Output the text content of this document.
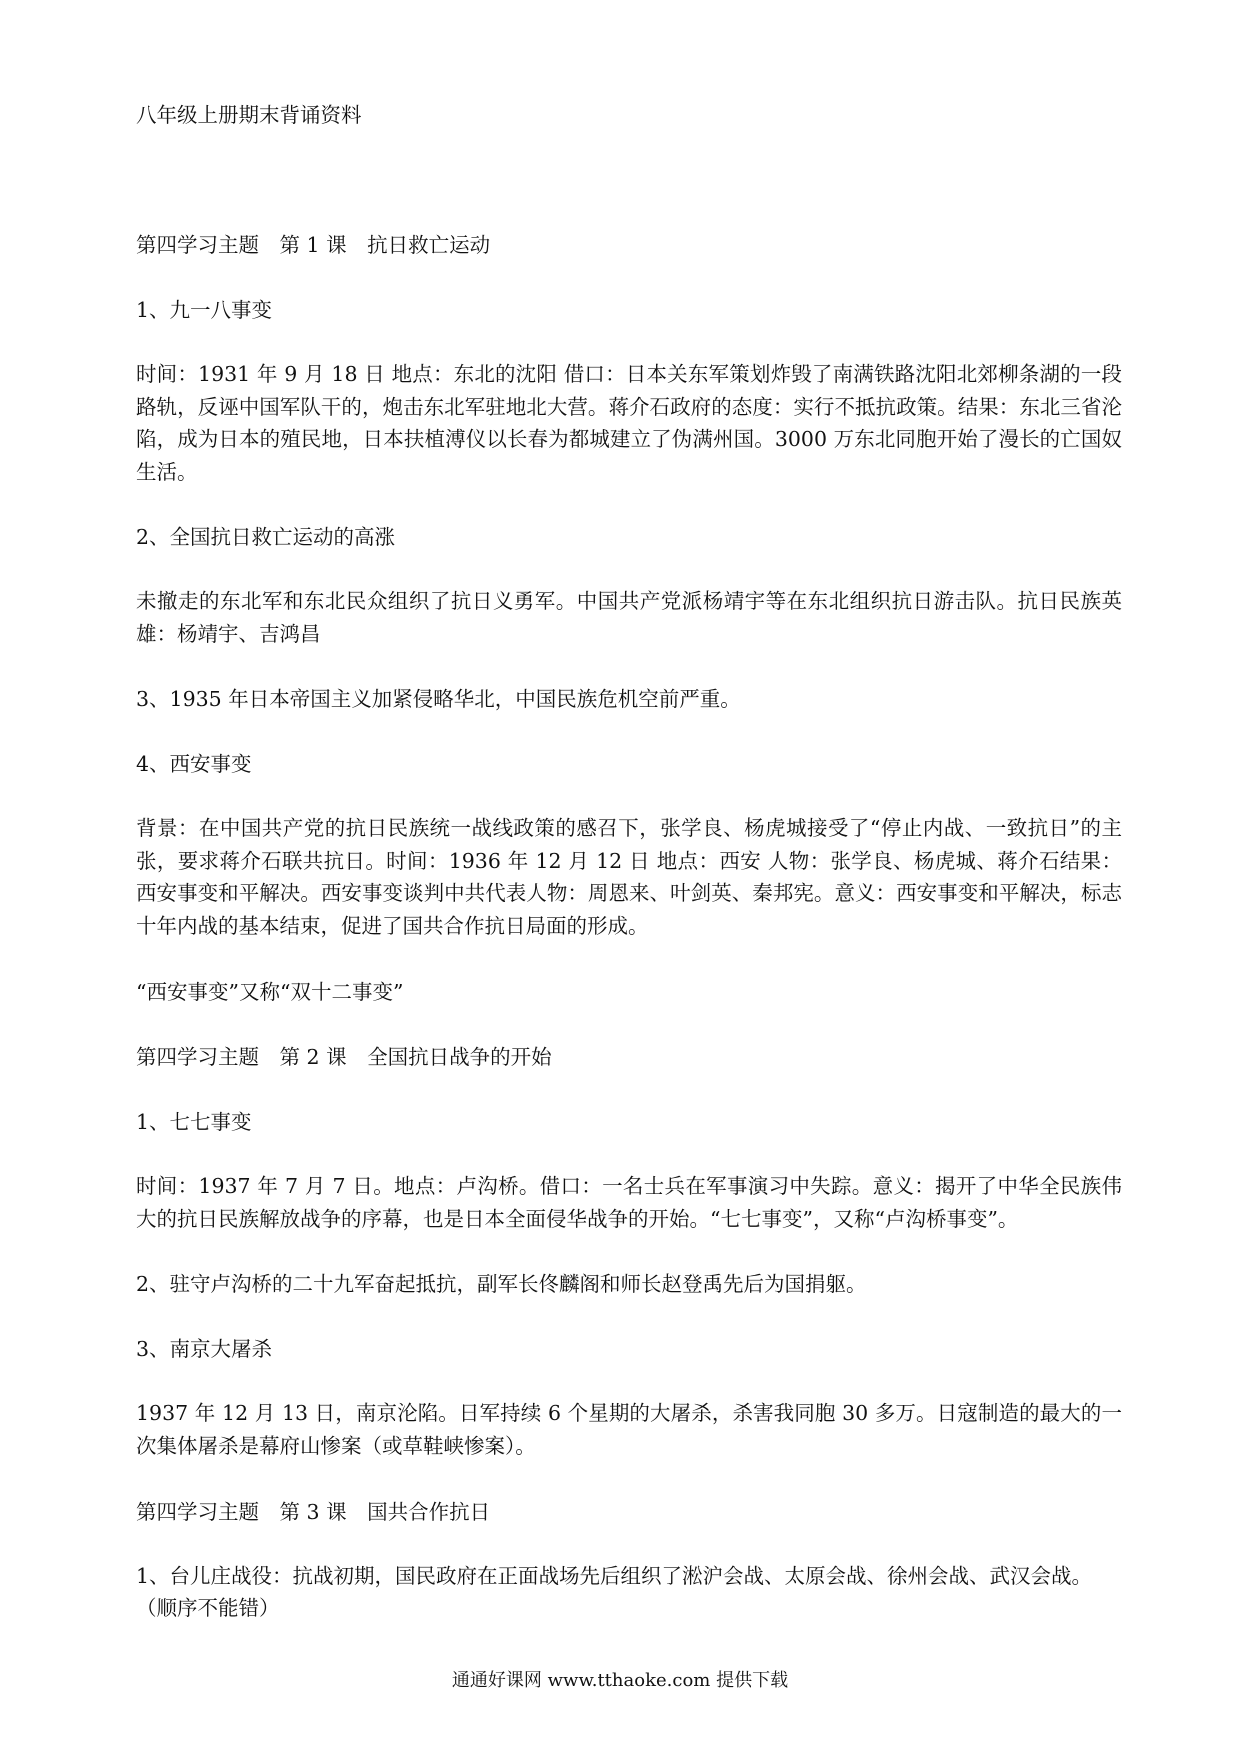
八年级上册期末背诵资料

第四学习主题　第 1 课　抗日救亡运动

1、九一八事变

时间：1931 年 9 月 18 日 地点：东北的沈阳 借口：日本关东军策划炸毁了南满铁路沈阳北郊柳条湖的一段路轨，反诬中国军队干的，炮击东北军驻地北大营。蒋介石政府的态度：实行不抵抗政策。结果：东北三省沦陷，成为日本的殖民地，日本扶植溥仪以长春为都城建立了伪满州国。3000 万东北同胞开始了漫长的亡国奴生活。

2、全国抗日救亡运动的高涨

未撤走的东北军和东北民众组织了抗日义勇军。中国共产党派杨靖宇等在东北组织抗日游击队。抗日民族英雄：杨靖宇、吉鸿昌

3、1935 年日本帝国主义加紧侵略华北，中国民族危机空前严重。

4、西安事变

背景：在中国共产党的抗日民族统一战线政策的感召下，张学良、杨虎城接受了“停止内战、一致抗日”的主张，要求蒋介石联共抗日。时间：1936 年 12 月 12 日 地点：西安 人物：张学良、杨虎城、蒋介石结果：西安事变和平解决。西安事变谈判中共代表人物：周恩来、叶剑英、秦邦宪。意义：西安事变和平解决，标志十年内战的基本结束，促进了国共合作抗日局面的形成。

“西安事变”又称“双十二事变”

第四学习主题　第 2 课　全国抗日战争的开始

1、七七事变

时间：1937 年 7 月 7 日。地点：卢沟桥。借口：一名士兵在军事演习中失踪。意义：揭开了中华全民族伟大的抗日民族解放战争的序幕，也是日本全面侵华战争的开始。“七七事变”，又称“卢沟桥事变”。

2、驻守卢沟桥的二十九军奋起抵抗，副军长佟麟阁和师长赵登禹先后为国捐躯。

3、南京大屠杀

1937 年 12 月 13 日，南京沦陷。日军持续 6 个星期的大屠杀，杀害我同胞 30 多万。日寇制造的最大的一次集体屠杀是幕府山惨案（或草鞋峡惨案）。

第四学习主题　第 3 课　国共合作抗日

1、台儿庄战役：抗战初期，国民政府在正面战场先后组织了淞沪会战、太原会战、徐州会战、武汉会战。

（顺序不能错）

通通好课网 www.tthaoke.com 提供下载
